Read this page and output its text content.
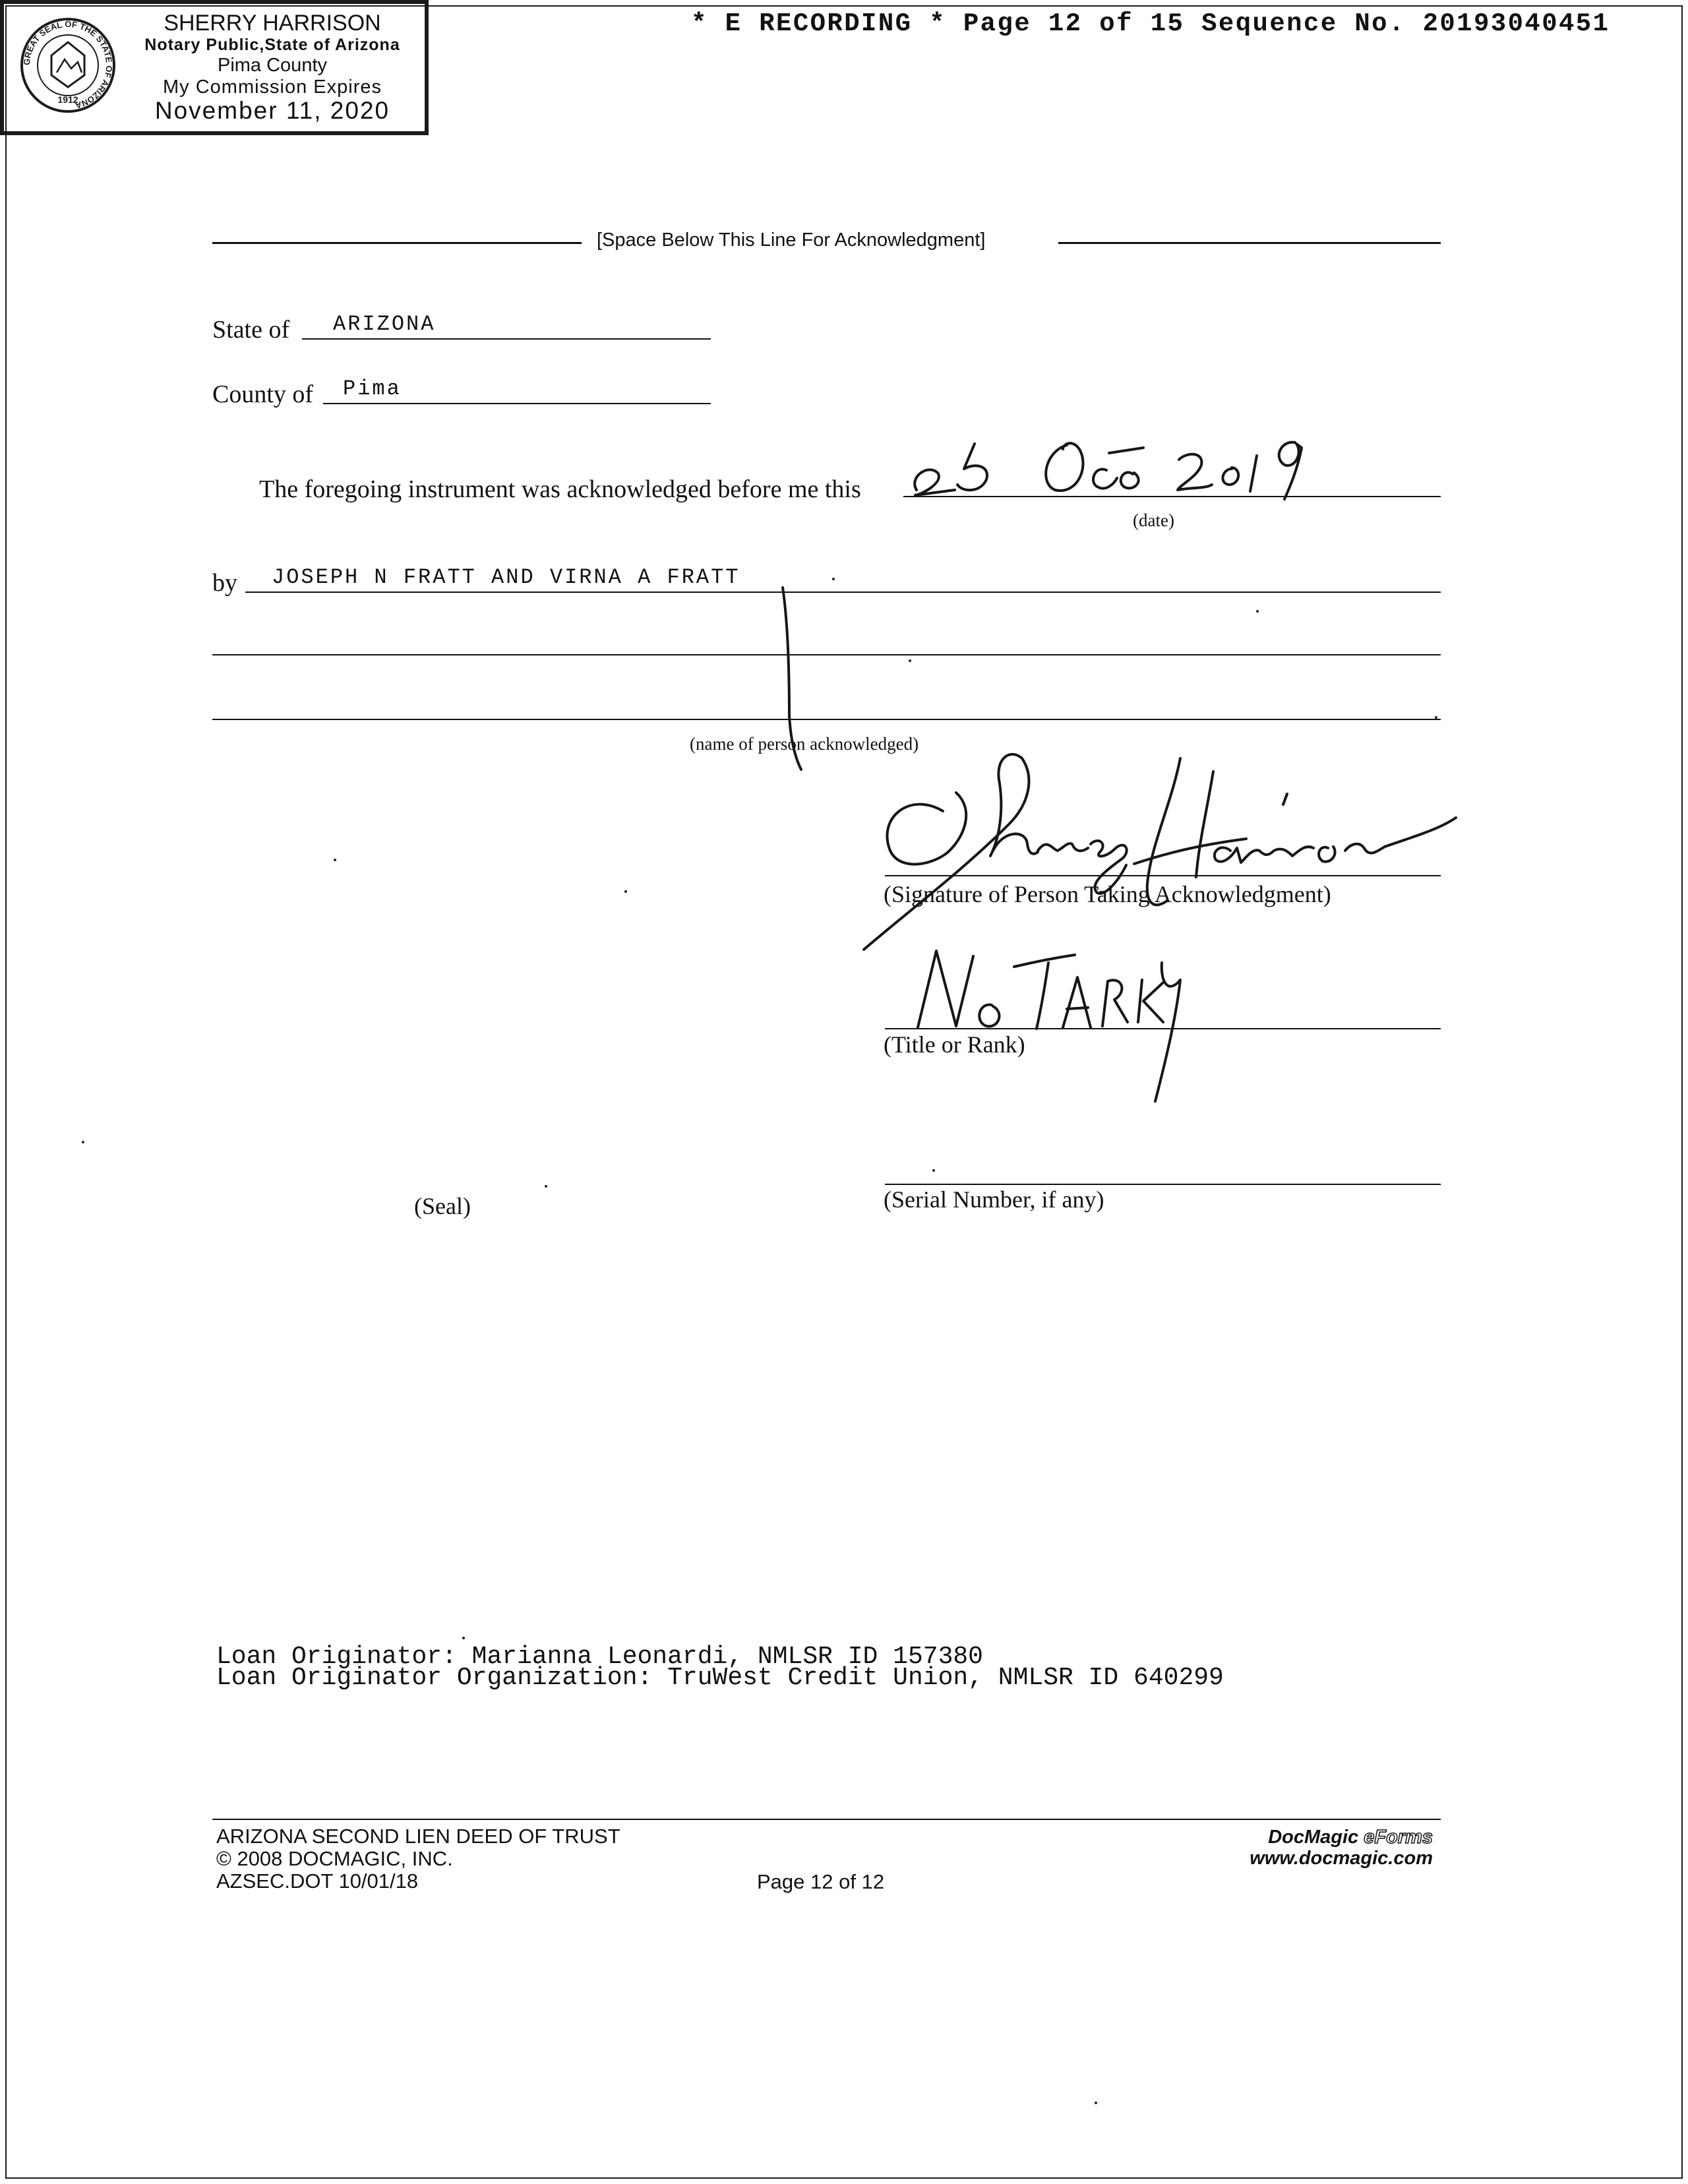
* E RECORDING * Page 12 of 15 Sequence No. 20193040451
[Space Below This Line For Acknowledgment]
State of ARIZONA
County of Pima
The foregoing instrument was acknowledged before me this
(date)
by JOSEPH N FRATT AND VIRNA A FRATT
(name of person acknowledged)
(Signature of Person Taking Acknowledgment)
(Title or Rank)
GREAT SEAL OF THE STATE OF ARIZONA
1912
SHERRY HARRISON
Notary Public,State of Arizona
Pima County
My Commission Expires
November 11, 2020
(Serial Number, if any)
(Seal)
Loan Originator: Marianna Leonardi, NMLSR ID 157380
Loan Originator Organization: TruWest Credit Union, NMLSR ID 640299
ARIZONA SECOND LIEN DEED OF TRUST
© 2008 DOCMAGIC, INC.
AZSEC.DOT 10/01/18	Page 12 of 12
DocMagic eForms
www.docmagic.com
